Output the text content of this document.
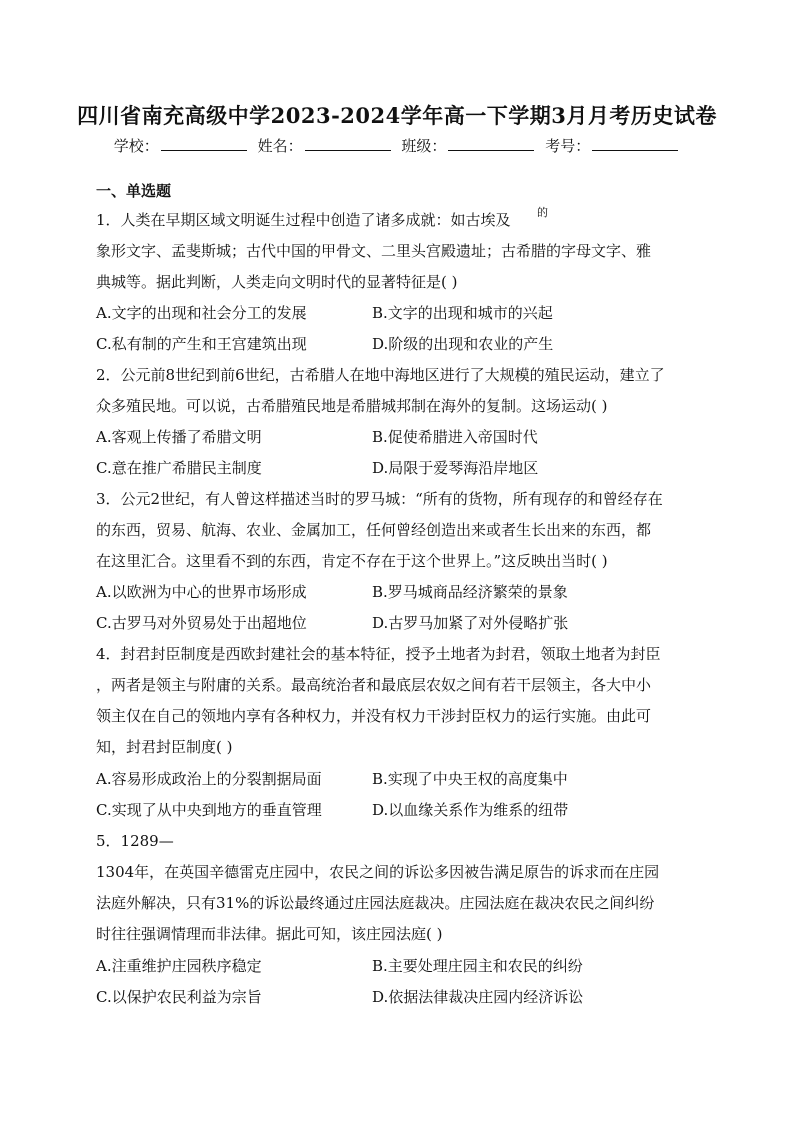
四川省南充高级中学2023-2024学年高一下学期3月月考历史试卷
学校：	姓名：	班级：	考号：
一、单选题
1．人类在早期区域文明诞生过程中创造了诸多成就：如古埃及 的
象形文字、孟斐斯城；古代中国的甲骨文、二里头宫殿遗址；古希腊的字母文字、雅
典城等。据此判断，人类走向文明时代的显著特征是( )
A.文字的出现和社会分工的发展	B.文字的出现和城市的兴起
C.私有制的产生和王宫建筑出现	D.阶级的出现和农业的产生
2．公元前8世纪到前6世纪，古希腊人在地中海地区进行了大规模的殖民运动，建立了
众多殖民地。可以说，古希腊殖民地是希腊城邦制在海外的复制。这场运动( )
A.客观上传播了希腊文明	B.促使希腊进入帝国时代
C.意在推广希腊民主制度	D.局限于爱琴海沿岸地区
3．公元2世纪，有人曾这样描述当时的罗马城：“所有的货物，所有现存的和曾经存在
的东西，贸易、航海、农业、金属加工，任何曾经创造出来或者生长出来的东西，都
在这里汇合。这里看不到的东西，肯定不存在于这个世界上。”这反映出当时( )
A.以欧洲为中心的世界市场形成	B.罗马城商品经济繁荣的景象
C.古罗马对外贸易处于出超地位	D.古罗马加紧了对外侵略扩张
4．封君封臣制度是西欧封建社会的基本特征，授予土地者为封君，领取土地者为封臣
，两者是领主与附庸的关系。最高统治者和最底层农奴之间有若干层领主，各大中小
领主仅在自己的领地内享有各种权力，并没有权力干涉封臣权力的运行实施。由此可
知，封君封臣制度( )
A.容易形成政治上的分裂割据局面	B.实现了中央王权的高度集中
C.实现了从中央到地方的垂直管理	D.以血缘关系作为维系的纽带
5．1289—
1304年，在英国辛德雷克庄园中，农民之间的诉讼多因被告满足原告的诉求而在庄园
法庭外解决，只有31%的诉讼最终通过庄园法庭裁决。庄园法庭在裁决农民之间纠纷
时往往强调情理而非法律。据此可知，该庄园法庭( )
A.注重维护庄园秩序稳定	B.主要处理庄园主和农民的纠纷
C.以保护农民利益为宗旨	D.依据法律裁决庄园内经济诉讼
